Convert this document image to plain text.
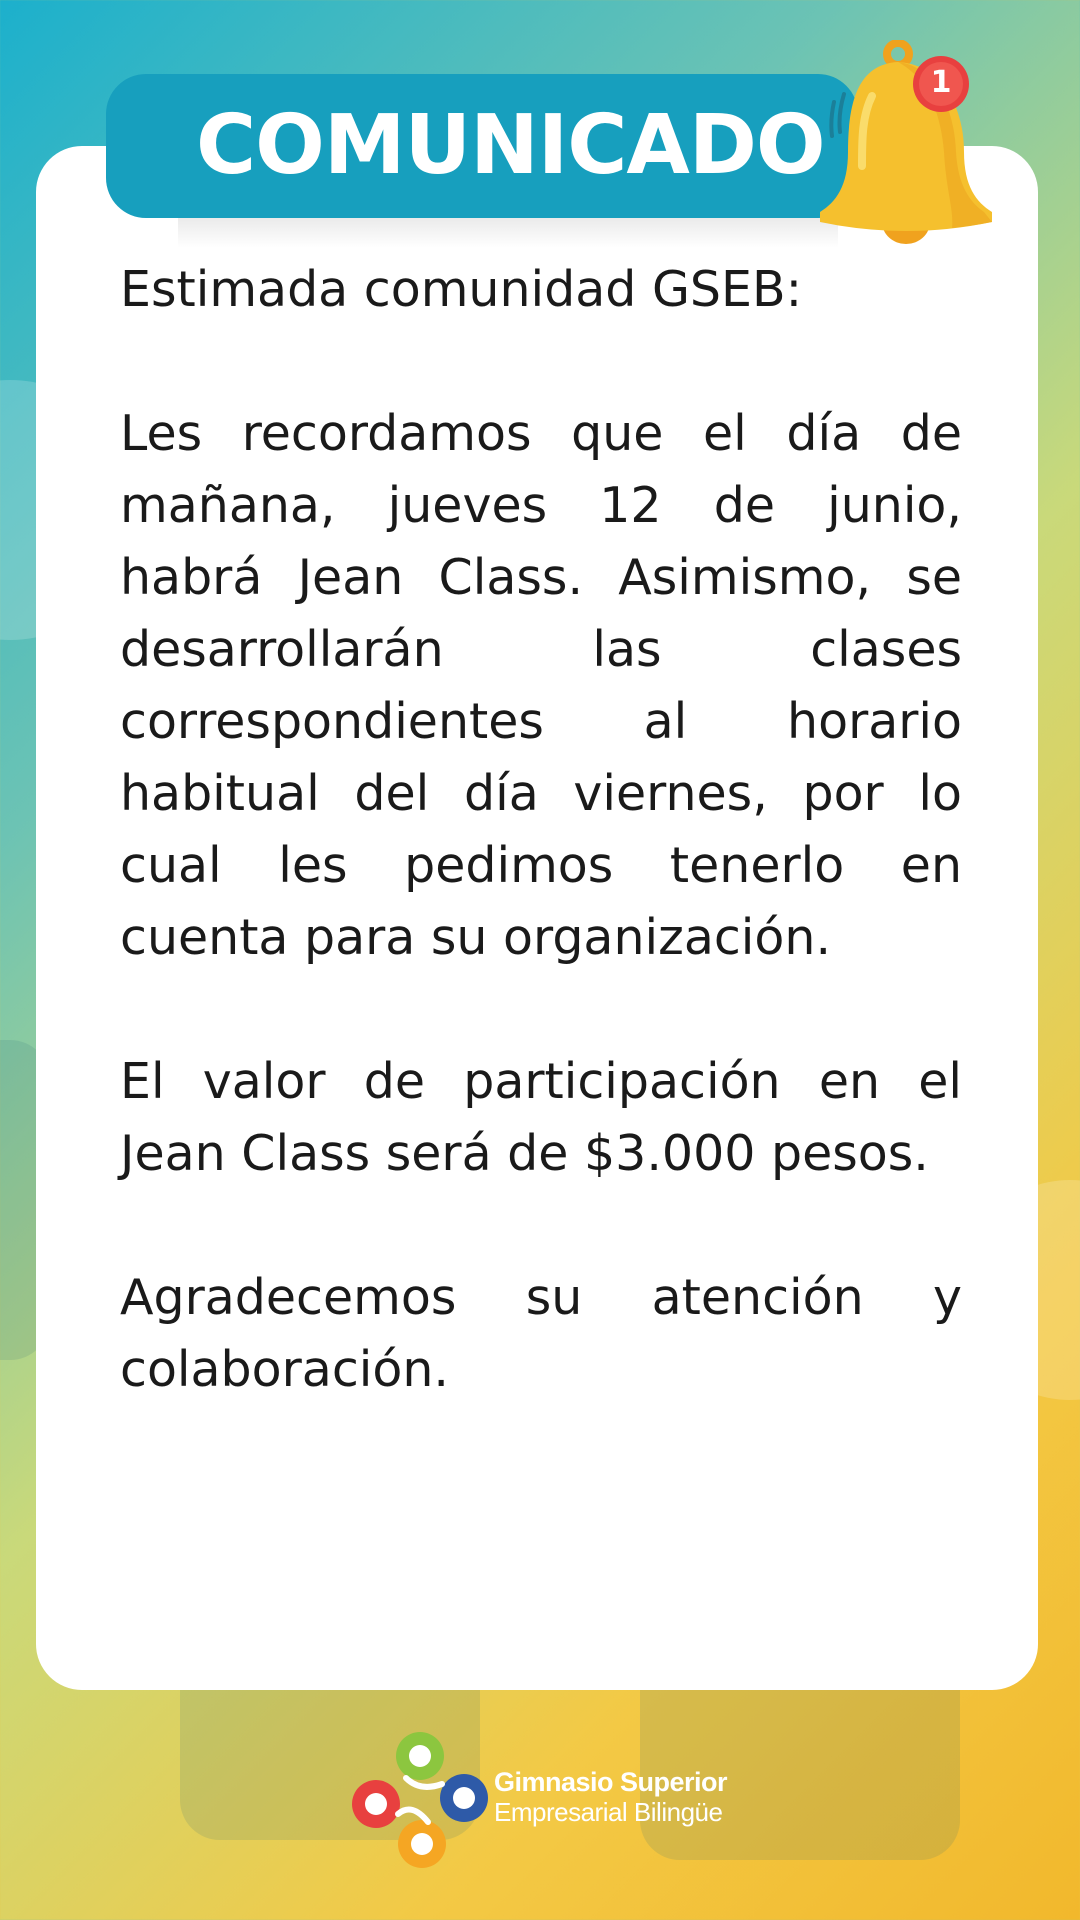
COMUNICADO
1

Estimada comunidad GSEB:

Les recordamos que el día de mañana, jueves 12 de junio, habrá Jean Class. Asimismo, se desarrollarán las clases correspondientes al horario habitual del día viernes, por lo cual les pedimos tenerlo en cuenta para su organización.

El valor de participación en el Jean Class será de $3.000 pesos.

Agradecemos su atención y colaboración.

Gimnasio Superior
Empresarial Bilingüe
